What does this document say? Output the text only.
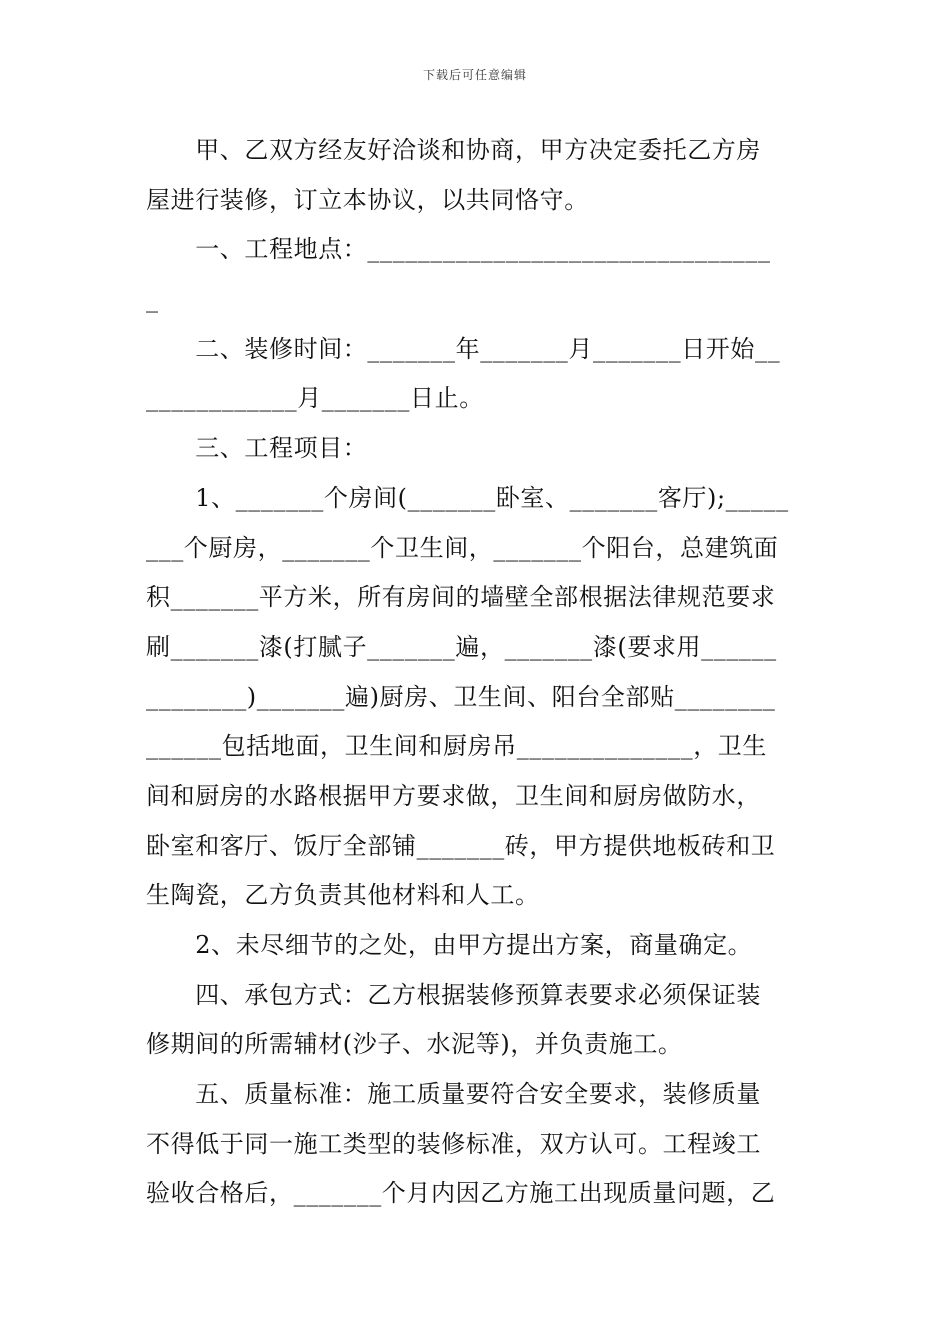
下载后可任意编辑
　　甲、乙双方经友好洽谈和协商，甲方决定委托乙方房
屋进行装修，订立本协议，以共同恪守。
　　一、工程地点：________________________________
_
　　二、装修时间：_______年_______月_______日开始__
____________月_______日止。
　　三、工程项目：
　　1、_______个房间(_______卧室、_______客厅);_____
___个厨房，_______个卫生间，_______个阳台，总建筑面
积_______平方米，所有房间的墙壁全部根据法律规范要求
刷_______漆(打腻子_______遍，_______漆(要求用______
________)_______遍)厨房、卫生间、阳台全部贴________
______包括地面，卫生间和厨房吊______________，卫生
间和厨房的水路根据甲方要求做，卫生间和厨房做防水，
卧室和客厅、饭厅全部铺_______砖，甲方提供地板砖和卫
生陶瓷，乙方负责其他材料和人工。
　　2、未尽细节的之处，由甲方提出方案，商量确定。
　　四、承包方式：乙方根据装修预算表要求必须保证装
修期间的所需辅材(沙子、水泥等)，并负责施工。
　　五、质量标准：施工质量要符合安全要求，装修质量
不得低于同一施工类型的装修标准，双方认可。工程竣工
验收合格后，_______个月内因乙方施工出现质量问题，乙
